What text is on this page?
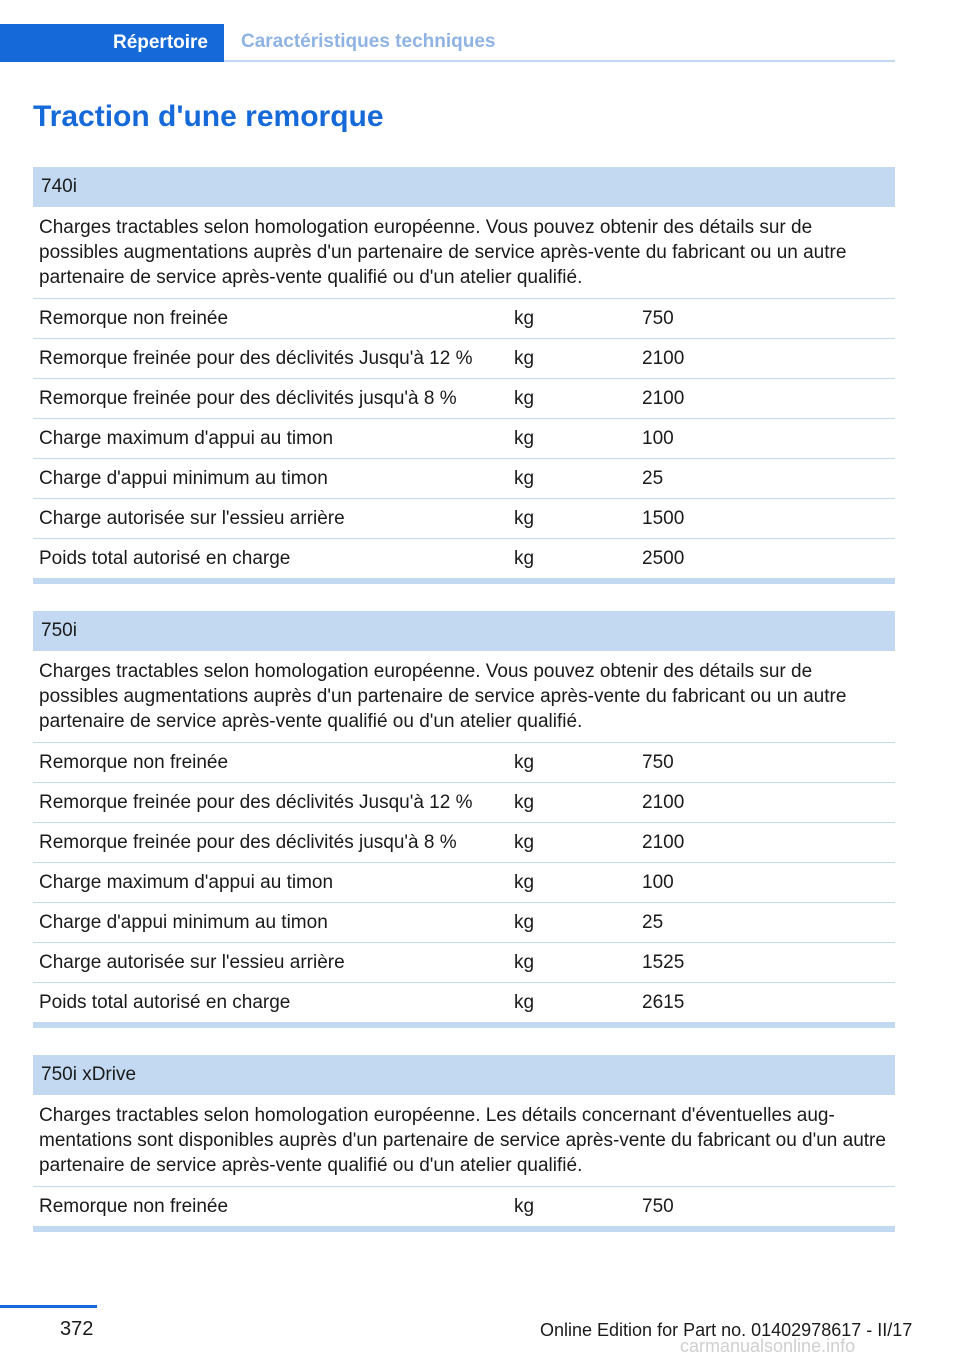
Répertoire	Caractéristiques techniques
Traction d'une remorque
740i
Charges tractables selon homologation européenne. Vous pouvez obtenir des détails sur de possibles augmentations auprès d'un partenaire de service après-vente du fabricant ou un autre partenaire de service après-vente qualifié ou d'un atelier qualifié.
Remorque non freinée	kg	750
Remorque freinée pour des déclivités Jusqu'à 12 %	kg	2100
Remorque freinée pour des déclivités jusqu'à 8 %	kg	2100
Charge maximum d'appui au timon	kg	100
Charge d'appui minimum au timon	kg	25
Charge autorisée sur l'essieu arrière	kg	1500
Poids total autorisé en charge	kg	2500
750i
Charges tractables selon homologation européenne. Vous pouvez obtenir des détails sur de possibles augmentations auprès d'un partenaire de service après-vente du fabricant ou un autre partenaire de service après-vente qualifié ou d'un atelier qualifié.
Remorque non freinée	kg	750
Remorque freinée pour des déclivités Jusqu'à 12 %	kg	2100
Remorque freinée pour des déclivités jusqu'à 8 %	kg	2100
Charge maximum d'appui au timon	kg	100
Charge d'appui minimum au timon	kg	25
Charge autorisée sur l'essieu arrière	kg	1525
Poids total autorisé en charge	kg	2615
750i xDrive
Charges tractables selon homologation européenne. Les détails concernant d'éventuelles aug-mentations sont disponibles auprès d'un partenaire de service après-vente du fabricant ou d'un autre partenaire de service après-vente qualifié ou d'un atelier qualifié.
Remorque non freinée	kg	750
372	Online Edition for Part no. 01402978617 - II/17
carmanualsonline.info
